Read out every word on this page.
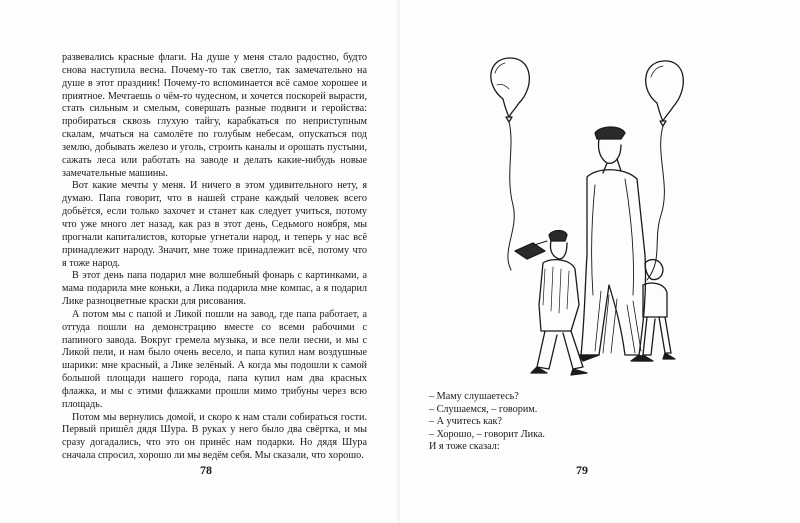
развевались красные флаги. На душе у меня стало радостно, будто снова наступила весна. Почему-то так светло, так замечательно на душе в этот праздник! Почему-то вспоминается всё самое хорошее и приятное. Мечтаешь о чём-то чудесном, и хочется поскорей вырасти, стать сильным и смелым, совершать разные подвиги и геройства: пробираться сквозь глухую тайгу, карабкаться по неприступным скалам, мчаться на самолёте по голубым небесам, опускаться под землю, добывать железо и уголь, строить каналы и орошать пустыни, сажать леса или работать на заводе и делать какие-нибудь новые замечательные машины.

Вот какие мечты у меня. И ничего в этом удивительного нету, я думаю. Папа говорит, что в нашей стране каждый человек всего добьётся, если только захочет и станет как следует учиться, потому что уже много лет назад, как раз в этот день, Седьмого ноября, мы прогнали капиталистов, которые угнетали народ, и теперь у нас всё принадлежит народу. Значит, мне тоже принадлежит всё, потому что я тоже народ.

В этот день папа подарил мне волшебный фонарь с картинками, а мама подарила мне коньки, а Лика подарила мне компас, а я подарил Лике разноцветные краски для рисования.

А потом мы с папой и Ликой пошли на завод, где папа работает, а оттуда пошли на демонстрацию вместе со всеми рабочими с папиного завода. Вокруг гремела музыка, и все пели песни, и мы с Ликой пели, и нам было очень весело, и папа купил нам воздушные шарики: мне красный, а Лике зелёный. А когда мы подошли к самой большой площади нашего города, папа купил нам два красных флажка, и мы с этими флажками прошли мимо трибуны через всю площадь.

Потом мы вернулись домой, и скоро к нам стали собираться гости. Первый пришёл дядя Шура. В руках у него было два свёртка, и мы сразу догадались, что это он принёс нам подарки. Но дядя Шура сначала спросил, хорошо ли мы ведём себя. Мы сказали, что хорошо.

78
– Маму слушаетесь?
– Слушаемся, – говорим.
– А учитесь как?
– Хорошо, – говорит Лика.
И я тоже сказал:
79
